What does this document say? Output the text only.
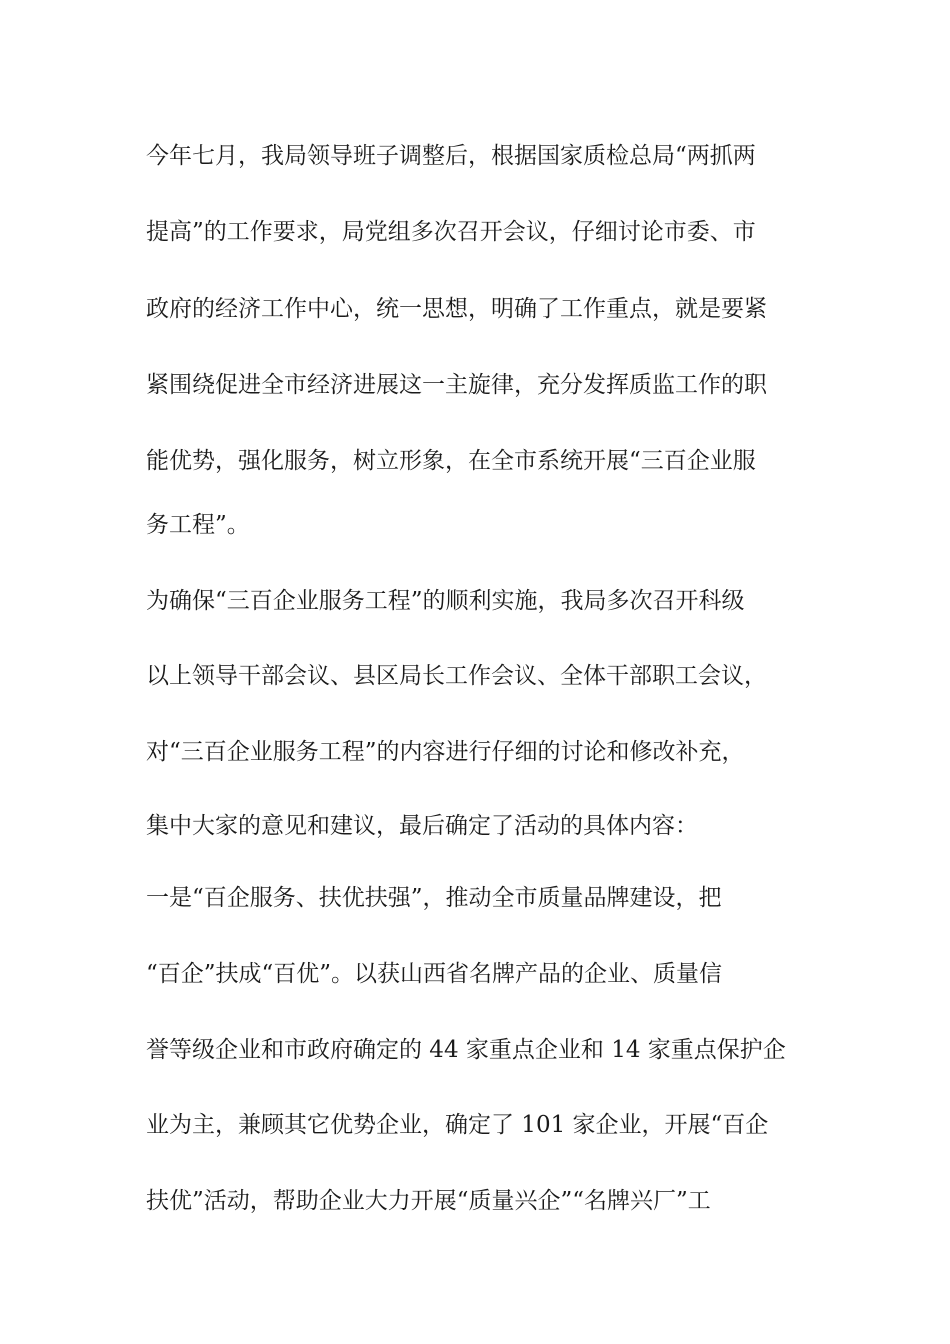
今年七月，我局领导班子调整后，根据国家质检总局“两抓两
提高”的工作要求，局党组多次召开会议，仔细讨论市委、市
政府的经济工作中心，统一思想，明确了工作重点，就是要紧
紧围绕促进全市经济进展这一主旋律，充分发挥质监工作的职
能优势，强化服务，树立形象，在全市系统开展“三百企业服
务工程”。
为确保“三百企业服务工程”的顺利实施，我局多次召开科级
以上领导干部会议、县区局长工作会议、全体干部职工会议，
对“三百企业服务工程”的内容进行仔细的讨论和修改补充，
集中大家的意见和建议，最后确定了活动的具体内容：
一是“百企服务、扶优扶强”，推动全市质量品牌建设，把
“百企”扶成“百优”。以获山西省名牌产品的企业、质量信
誉等级企业和市政府确定的 44 家重点企业和 14 家重点保护企
业为主，兼顾其它优势企业，确定了 101 家企业，开展“百企
扶优”活动，帮助企业大力开展“质量兴企”“名牌兴厂”工
